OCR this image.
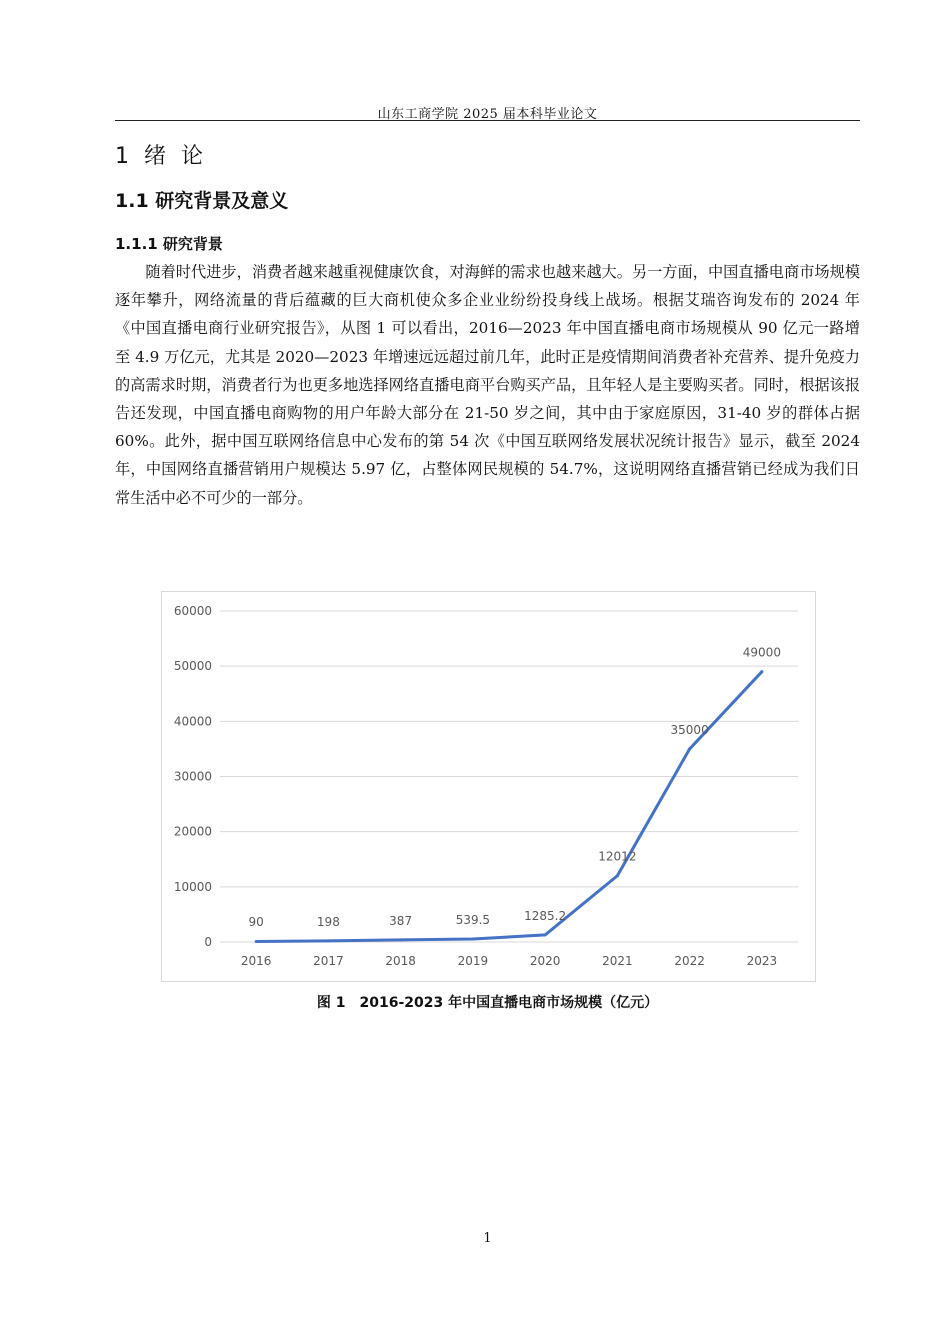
山东工商学院 2025 届本科毕业论文
1 绪 论
1.1 研究背景及意义
1.1.1 研究背景

随着时代进步，消费者越来越重视健康饮食，对海鲜的需求也越来越大。另一方面，中国直播电商市场规模逐年攀升，网络流量的背后蕴藏的巨大商机使众多企业业纷纷投身线上战场。根据艾瑞咨询发布的 2024 年《中国直播电商行业研究报告》，从图 1 可以看出，2016—2023 年中国直播电商市场规模从 90 亿元一路增至 4.9 万亿元，尤其是 2020—2023 年增速远远超过前几年，此时正是疫情期间消费者补充营养、提升免疫力的高需求时期，消费者行为也更多地选择网络直播电商平台购买产品，且年轻人是主要购买者。同时，根据该报告还发现，中国直播电商购物的用户年龄大部分在 21-50 岁之间，其中由于家庭原因，31-40 岁的群体占据 60%。此外，据中国互联网络信息中心发布的第 54 次《中国互联网络发展状况统计报告》显示，截至 2024 年，中国网络直播营销用户规模达 5.97 亿，占整体网民规模的 54.7%，这说明网络直播营销已经成为我们日常生活中必不可少的一部分。

0
10000
20000
30000
40000
50000
60000
2016	2017	2018	2019	2020	2021	2022	2023
90	198	387	539.5	1285.2
12012
35000
49000
图 1　2016-2023 年中国直播电商市场规模（亿元）
1
